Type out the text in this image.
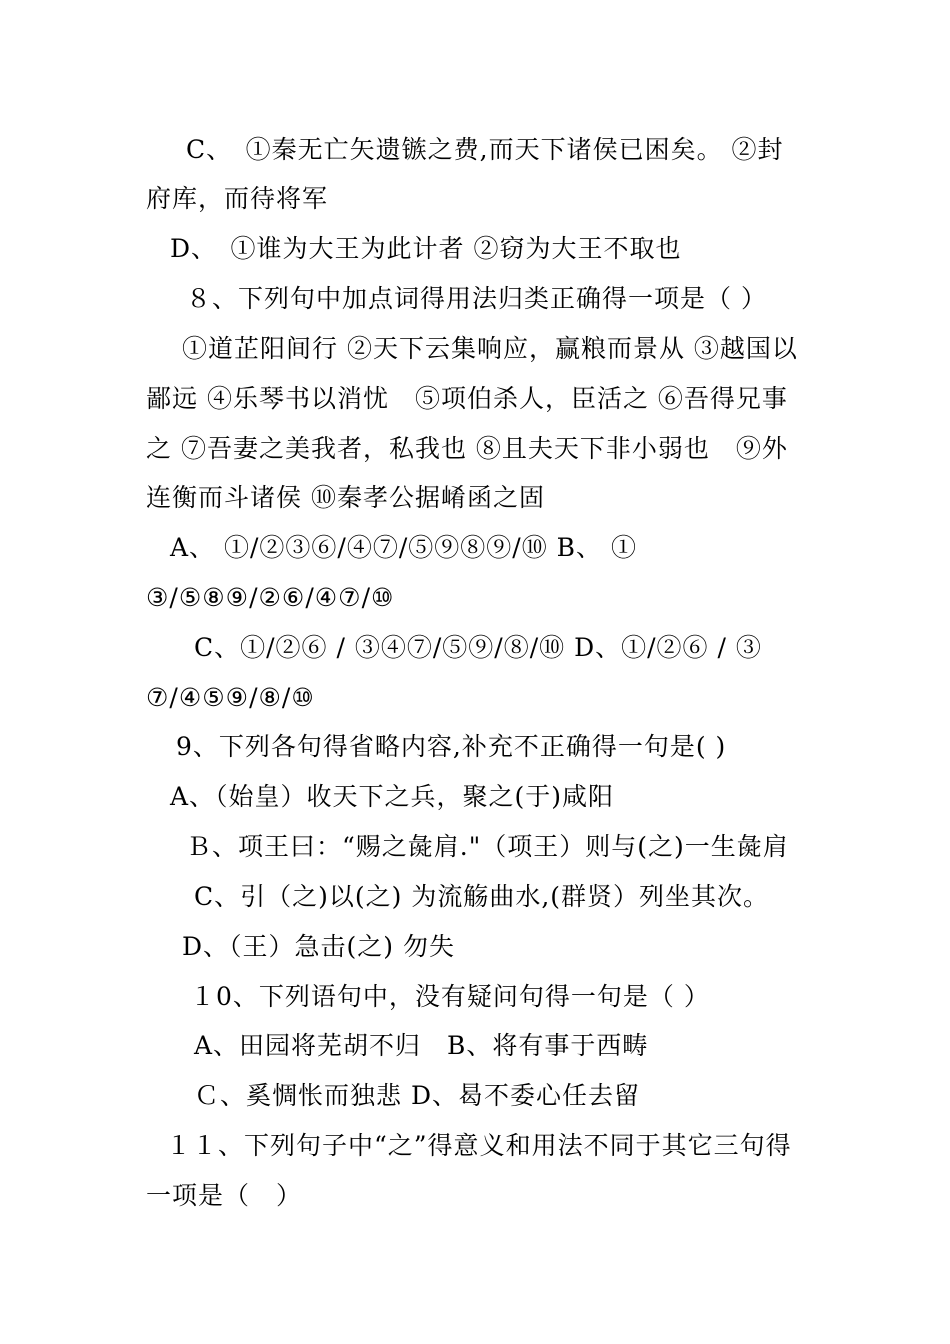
C、　①秦无亡矢遗镞之费,而天下诸侯已困矣。 ②封
府库，而待将军
D、　①谁为大王为此计者 ②窃为大王不取也
８、下列句中加点词得用法归类正确得一项是（ ）
①道芷阳间行 ②天下云集响应，赢粮而景从 ③越国以
鄙远 ④乐琴书以消忧　⑤项伯杀人，臣活之 ⑥吾得兄事
之 ⑦吾妻之美我者，私我也 ⑧且夫天下非小弱也　⑨外
连衡而斗诸侯 ⑩秦孝公据崤函之固
A、 ①/②③⑥/④⑦/⑤⑨⑧⑨/⑩ B、 ①
③/⑤⑧⑨/②⑥/④⑦/⑩
C、①/②⑥ / ③④⑦/⑤⑨/⑧/⑩ D、①/②⑥ / ③
⑦/④⑤⑨/⑧/⑩
9、下列各句得省略内容,补充不正确得一句是( )
A、（始皇）收天下之兵，聚之(于)咸阳
Ｂ、项王曰：“赐之彘肩."（项王）则与(之)一生彘肩
C、引（之)以(之) 为流觞曲水,(群贤）列坐其次。
D、（王）急击(之) 勿失
１0、下列语句中，没有疑问句得一句是（ ）
A、田园将芜胡不归　B、将有事于西畴
Ｃ、奚惆怅而独悲 D、曷不委心任去留
１１、下列句子中“之”得意义和用法不同于其它三句得
一项是（　）
